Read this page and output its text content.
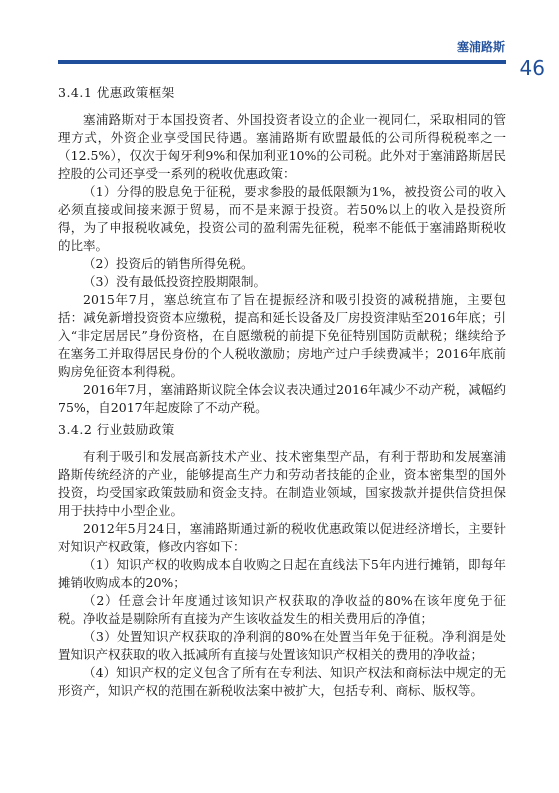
塞浦路斯
46
3.4.1 优惠政策框架

塞浦路斯对于本国投资者、外国投资者设立的企业一视同仁，采取相同的管理方式，外资企业享受国民待遇。塞浦路斯有欧盟最低的公司所得税税率之一（12.5%），仅次于匈牙利9%和保加利亚10%的公司税。此外对于塞浦路斯居民控股的公司还享受一系列的税收优惠政策：

（1）分得的股息免于征税，要求参股的最低限额为1%，被投资公司的收入必须直接或间接来源于贸易，而不是来源于投资。若50%以上的收入是投资所得，为了申报税收减免，投资公司的盈利需先征税，税率不能低于塞浦路斯税收的比率。

（2）投资后的销售所得免税。

（3）没有最低投资控股期限制。

2015年7月，塞总统宣布了旨在提振经济和吸引投资的减税措施，主要包括：减免新增投资资本应缴税，提高和延长设备及厂房投资津贴至2016年底；引入“非定居居民”身份资格，在自愿缴税的前提下免征特别国防贡献税；继续给予在塞务工并取得居民身份的个人税收激励；房地产过户手续费减半；2016年底前购房免征资本利得税。

2016年7月，塞浦路斯议院全体会议表决通过2016年减少不动产税，减幅约75%，自2017年起废除了不动产税。

3.4.2 行业鼓励政策

有利于吸引和发展高新技术产业、技术密集型产品，有利于帮助和发展塞浦路斯传统经济的产业，能够提高生产力和劳动者技能的企业，资本密集型的国外投资，均受国家政策鼓励和资金支持。在制造业领域，国家拨款并提供信贷担保用于扶持中小型企业。

2012年5月24日，塞浦路斯通过新的税收优惠政策以促进经济增长，主要针对知识产权政策，修改内容如下：

（1）知识产权的收购成本自收购之日起在直线法下5年内进行摊销，即每年摊销收购成本的20%；

（2）任意会计年度通过该知识产权获取的净收益的80%在该年度免于征税。净收益是剔除所有直接为产生该收益发生的相关费用后的净值；

（3）处置知识产权获取的净利润的80%在处置当年免于征税。净利润是处置知识产权获取的收入抵减所有直接与处置该知识产权相关的费用的净收益；

（4）知识产权的定义包含了所有在专利法、知识产权法和商标法中规定的无形资产，知识产权的范围在新税收法案中被扩大，包括专利、商标、版权等。
